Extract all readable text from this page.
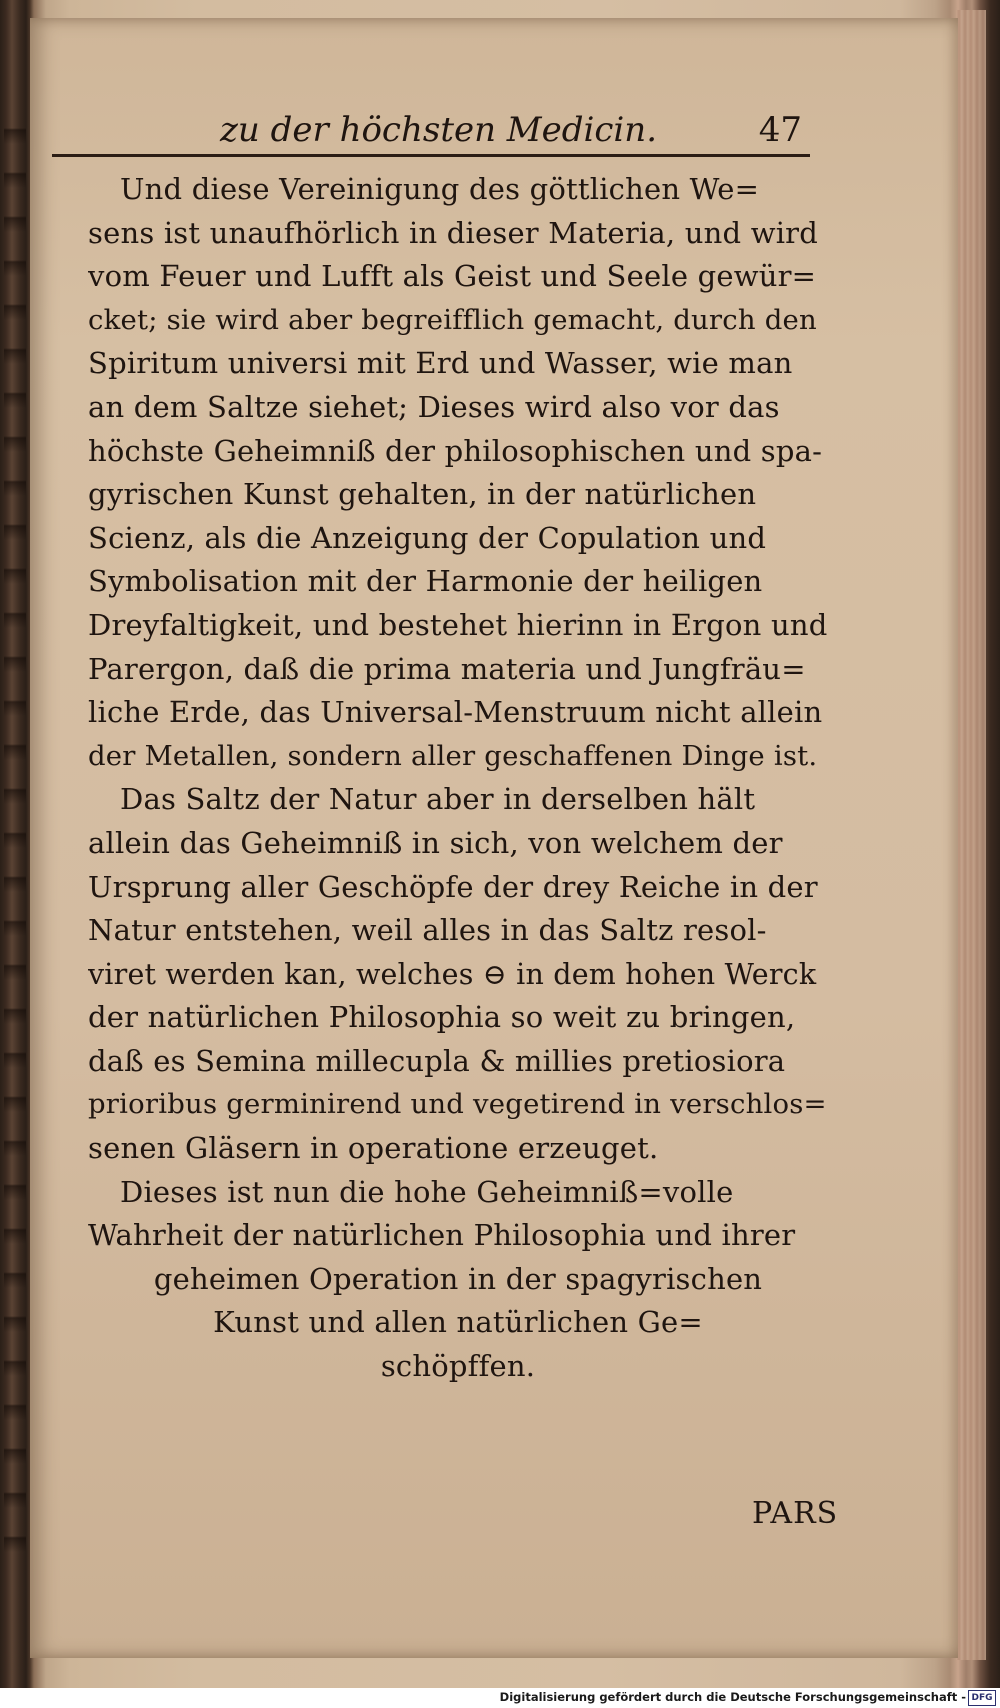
zu der höchsten Medicin.	47
Und diese Vereinigung des göttlichen We=
sens ist unaufhörlich in dieser Materia, und wird
vom Feuer und Lufft als Geist und Seele gewür=
cket; sie wird aber begreifflich gemacht, durch den
Spiritum universi mit Erd und Wasser, wie man
an dem Saltze siehet; Dieses wird also vor das
höchste Geheimniß der philosophischen und spa-
gyrischen Kunst gehalten, in der natürlichen
Scienz, als die Anzeigung der Copulation und
Symbolisation mit der Harmonie der heiligen
Dreyfaltigkeit, und bestehet hierinn in Ergon und
Parergon, daß die prima materia und Jungfräu=
liche Erde, das Universal-Menstruum nicht allein
der Metallen, sondern aller geschaffenen Dinge ist.
Das Saltz der Natur aber in derselben hält
allein das Geheimniß in sich, von welchem der
Ursprung aller Geschöpfe der drey Reiche in der
Natur entstehen, weil alles in das Saltz resol-
viret werden kan, welches ⊖ in dem hohen Werck
der natürlichen Philosophia so weit zu bringen,
daß es Semina millecupla & millies pretiosiora
prioribus germinirend und vegetirend in verschlos=
senen Gläsern in operatione erzeuget.
Dieses ist nun die hohe Geheimniß=volle
Wahrheit der natürlichen Philosophia und ihrer
geheimen Operation in der spagyrischen
Kunst und allen natürlichen Ge=
schöpffen.
PARS
Digitalisierung gefördert durch die Deutsche Forschungsgemeinschaft - DFG
